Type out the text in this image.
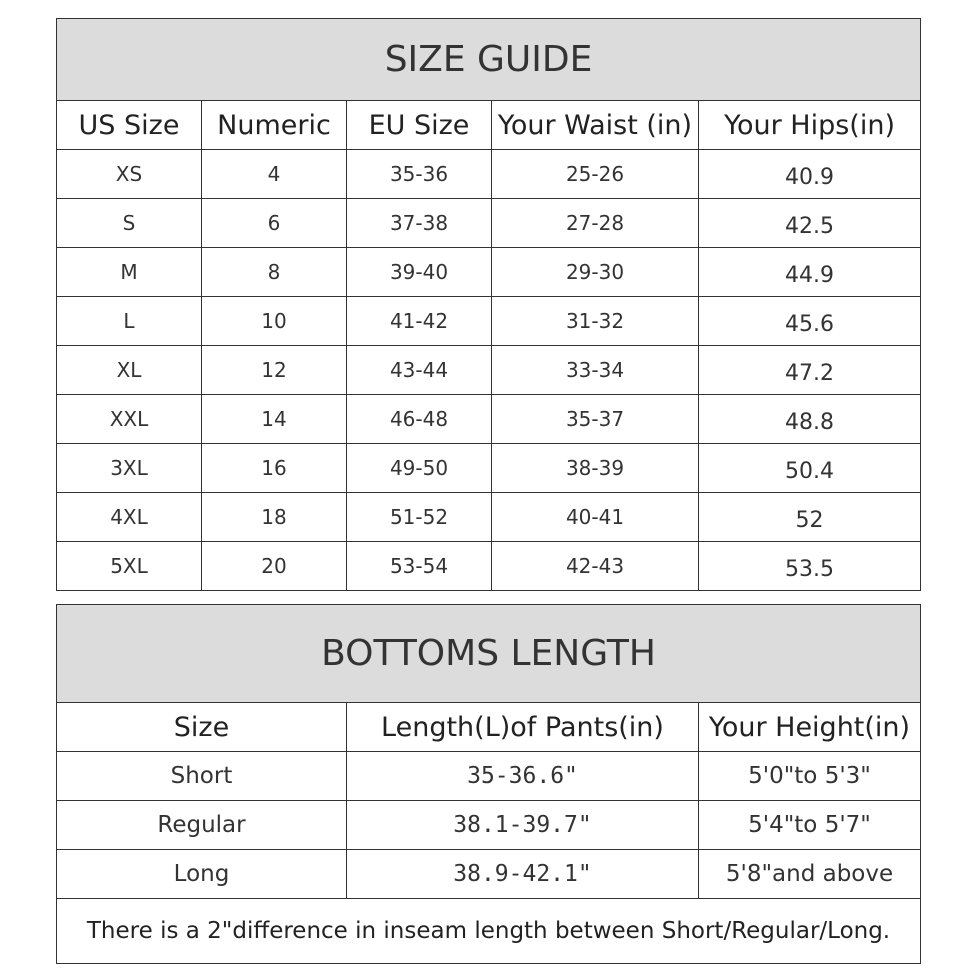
SIZE GUIDE				
US Size	Numeric	EU Size	Your Waist (in)	Your Hips(in)
XS	4	35-36	25-26	40.9
S	6	37-38	27-28	42.5
M	8	39-40	29-30	44.9
L	10	41-42	31-32	45.6
XL	12	43-44	33-34	47.2
XXL	14	46-48	35-37	48.8
3XL	16	49-50	38-39	50.4
4XL	18	51-52	40-41	52
5XL	20	53-54	42-43	53.5
BOTTOMS LENGTH		
Size	Length(L)of Pants(in)	Your Height(in)
Short	35-36.6"	5'0"to 5'3"
Regular	38.1-39.7"	5'4"to 5'7"
Long	38.9-42.1"	5'8"and above
There is a 2"difference in inseam length between Short/Regular/Long.		
